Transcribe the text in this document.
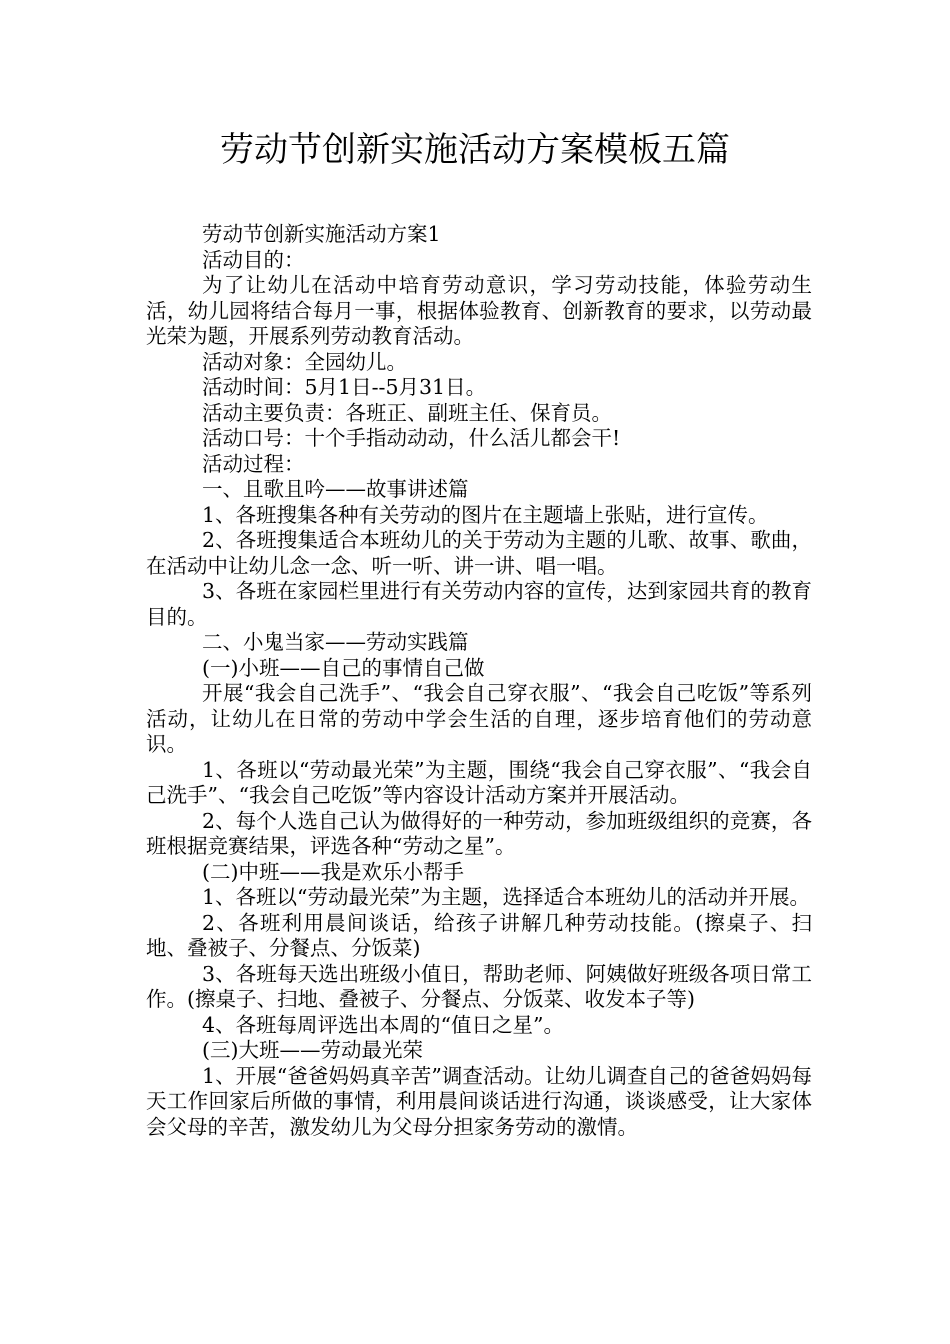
劳动节创新实施活动方案模板五篇

劳动节创新实施活动方案1

活动目的：

为了让幼儿在活动中培育劳动意识，学习劳动技能，体验劳动生活，幼儿园将结合每月一事，根据体验教育、创新教育的要求，以劳动最光荣为题，开展系列劳动教育活动。

活动对象：全园幼儿。

活动时间：5月1日--5月31日。

活动主要负责：各班正、副班主任、保育员。

活动口号：十个手指动动动，什么活儿都会干!

活动过程：

一、且歌且吟——故事讲述篇

1、各班搜集各种有关劳动的图片在主题墙上张贴，进行宣传。

2、各班搜集适合本班幼儿的关于劳动为主题的儿歌、故事、歌曲，在活动中让幼儿念一念、听一听、讲一讲、唱一唱。

3、各班在家园栏里进行有关劳动内容的宣传，达到家园共育的教育目的。

二、小鬼当家——劳动实践篇

(一)小班——自己的事情自己做

开展“我会自己洗手”、“我会自己穿衣服”、“我会自己吃饭”等系列活动，让幼儿在日常的劳动中学会生活的自理，逐步培育他们的劳动意识。

1、各班以“劳动最光荣”为主题，围绕“我会自己穿衣服”、“我会自己洗手”、“我会自己吃饭”等内容设计活动方案并开展活动。

2、每个人选自己认为做得好的一种劳动，参加班级组织的竞赛，各班根据竞赛结果，评选各种“劳动之星”。

(二)中班——我是欢乐小帮手

1、各班以“劳动最光荣”为主题，选择适合本班幼儿的活动并开展。

2、各班利用晨间谈话，给孩子讲解几种劳动技能。(擦桌子、扫地、叠被子、分餐点、分饭菜)

3、各班每天选出班级小值日，帮助老师、阿姨做好班级各项日常工作。(擦桌子、扫地、叠被子、分餐点、分饭菜、收发本子等)

4、各班每周评选出本周的“值日之星”。

(三)大班——劳动最光荣

1、开展“爸爸妈妈真辛苦”调查活动。让幼儿调查自己的爸爸妈妈每天工作回家后所做的事情，利用晨间谈话进行沟通，谈谈感受，让大家体会父母的辛苦，激发幼儿为父母分担家务劳动的激情。
